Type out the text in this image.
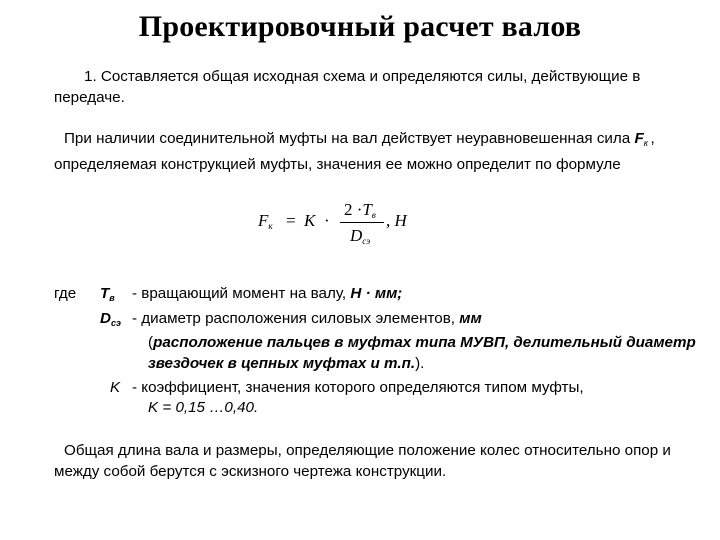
Проектировочный расчет валов
1. Составляется общая исходная схема и определяются силы, действующие в передаче.
При наличии соединительной муфты на вал действует неуравновешенная сила $F_к$ , определяемая конструкцией муфты, значения ее можно определит по формуле
$F_к = K$ ·
$2 \cdot T_в$
$D_{сэ}$
, H
где $T_в$ - вращающий момент на валу, Н · мм;
$D_{сэ}$ - диаметр расположения силовых элементов, мм
(расположение пальцев в муфтах типа МУВП, делительный диаметр звездочек в цепных муфтах и т.п.).
K - коэффициент, значения которого определяются типом муфты,
K = 0,15 …0,40.
Общая длина вала и размеры, определяющие положение колес относительно опор и между собой берутся с эскизного чертежа конструкции.
